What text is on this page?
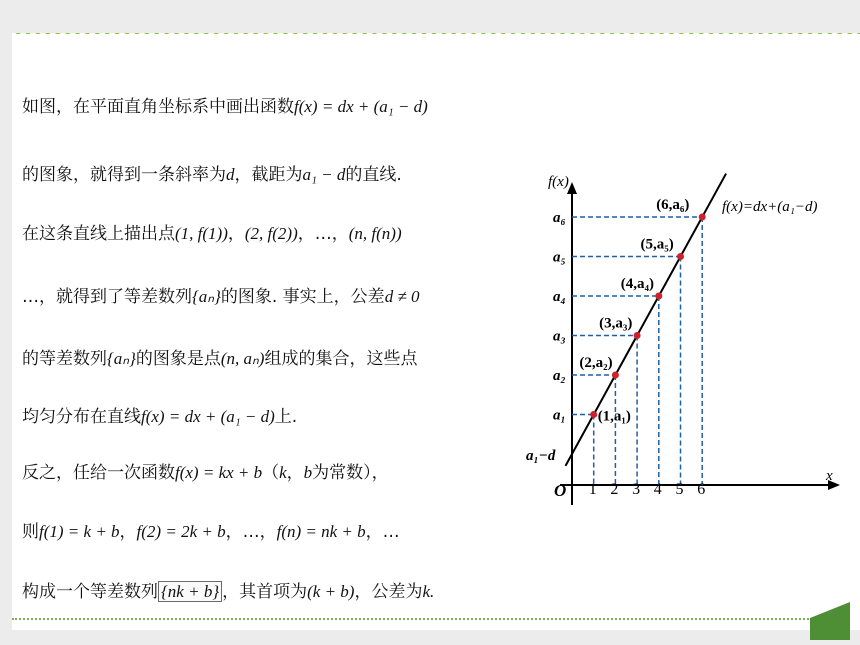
如图，在平面直角坐标系中画出函数f(x) = dx + (a₁ − d)
的图象，就得到一条斜率为d，截距为a₁ − d的直线.
在这条直线上描出点(1, f(1))，(2, f(2))，…，(n, f(n))
…，就得到了等差数列{aₙ}的图象. 事实上，公差d ≠ 0
的等差数列{aₙ}的图象是点(n, aₙ)组成的集合，这些点
均匀分布在直线f(x) = dx + (a₁ − d)上.
反之，任给一次函数f(x) = kx + b（k，b为常数），
则f(1) = k + b，f(2) = 2k + b，…，f(n) = nk + b，…
构成一个等差数列 {nk + b} ，其首项为(k + b)，公差为k.
f(x)
x
O 1 2 3 4 5 6
a₁
a₂
a₃
a₄
a₅
a₆
(1,a₁)
(2,a₂)
(3,a₃)
(4,a₄)
(5,a₅)
(6,a₆)
a₁−d
f(x)=dx+(a₁−d)
